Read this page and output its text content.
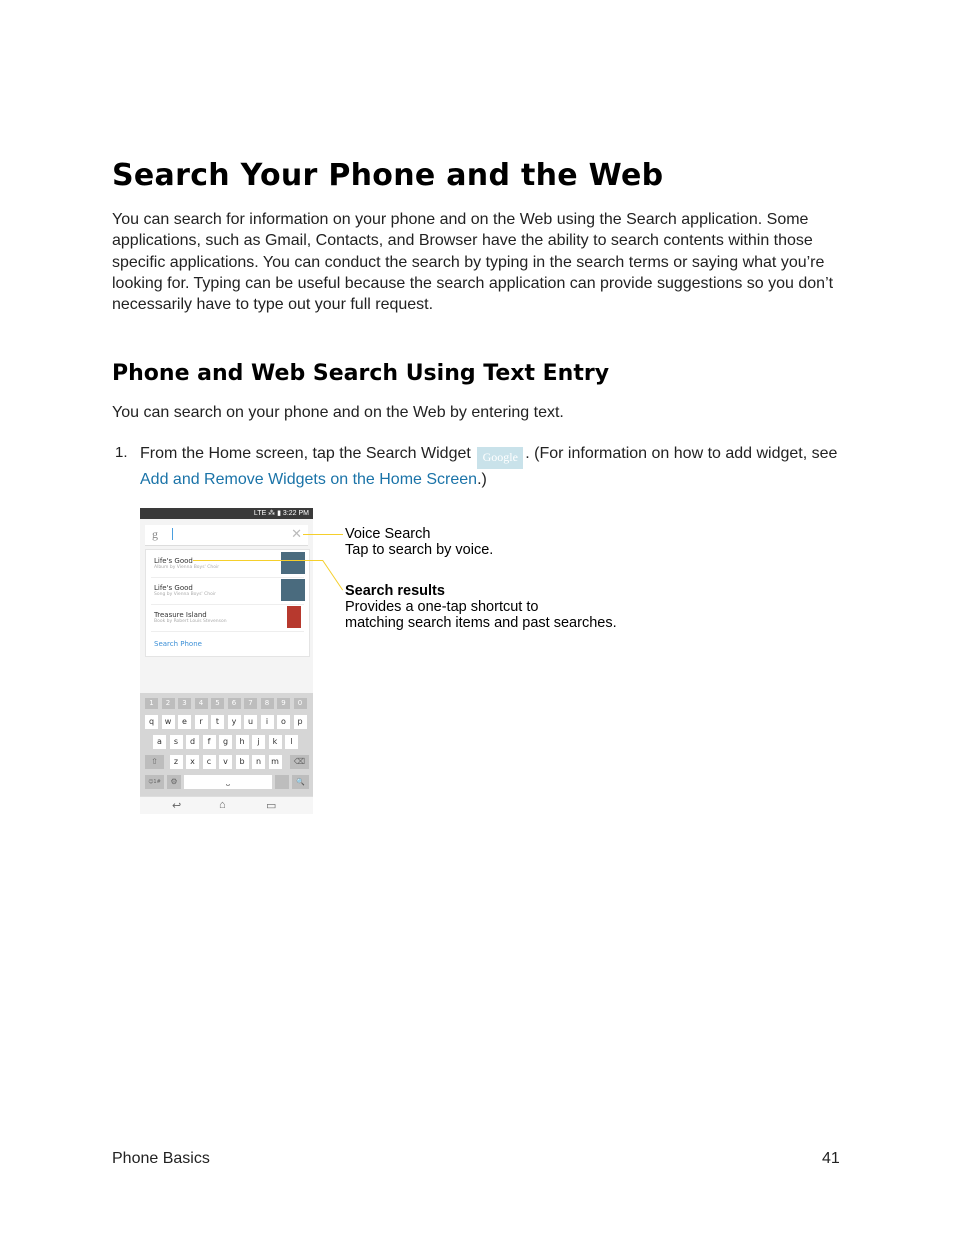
Search Your Phone and the Web

You can search for information on your phone and on the Web using the Search application. Some applications, such as Gmail, Contacts, and Browser have the ability to search contents within those specific applications. You can conduct the search by typing in the search terms or saying what you’re looking for. Typing can be useful because the search application can provide suggestions so you don’t necessarily have to type out your full request.

Phone and Web Search Using Text Entry

You can search on your phone and on the Web by entering text.

1. From the Home screen, tap the Search Widget Google . (For information on how to add widget, see Add and Remove Widgets on the Home Screen.)

LTE ⁂ ▮ 3:22 PM
g	✕
Life's Good
Album by Vienna Boys' Choir
Life's Good
Song by Vienna Boys' Choir
Treasure Island
Book by Robert Louis Stevenson
Search Phone
1	2	3	4	5	6	7	8	9	0
q	w	e	r	t	y	u	i	o	p
a	s	d	f	g	h	j	k	l
⇧	z	x	c	v	b	n	m	⌫
☺1#	⚙	⎵	🔍
↩	⌂	▭
Voice Search
Tap to search by voice.
Search results
Provides a one-tap shortcut to
matching search items and past searches.
Phone Basics	41
